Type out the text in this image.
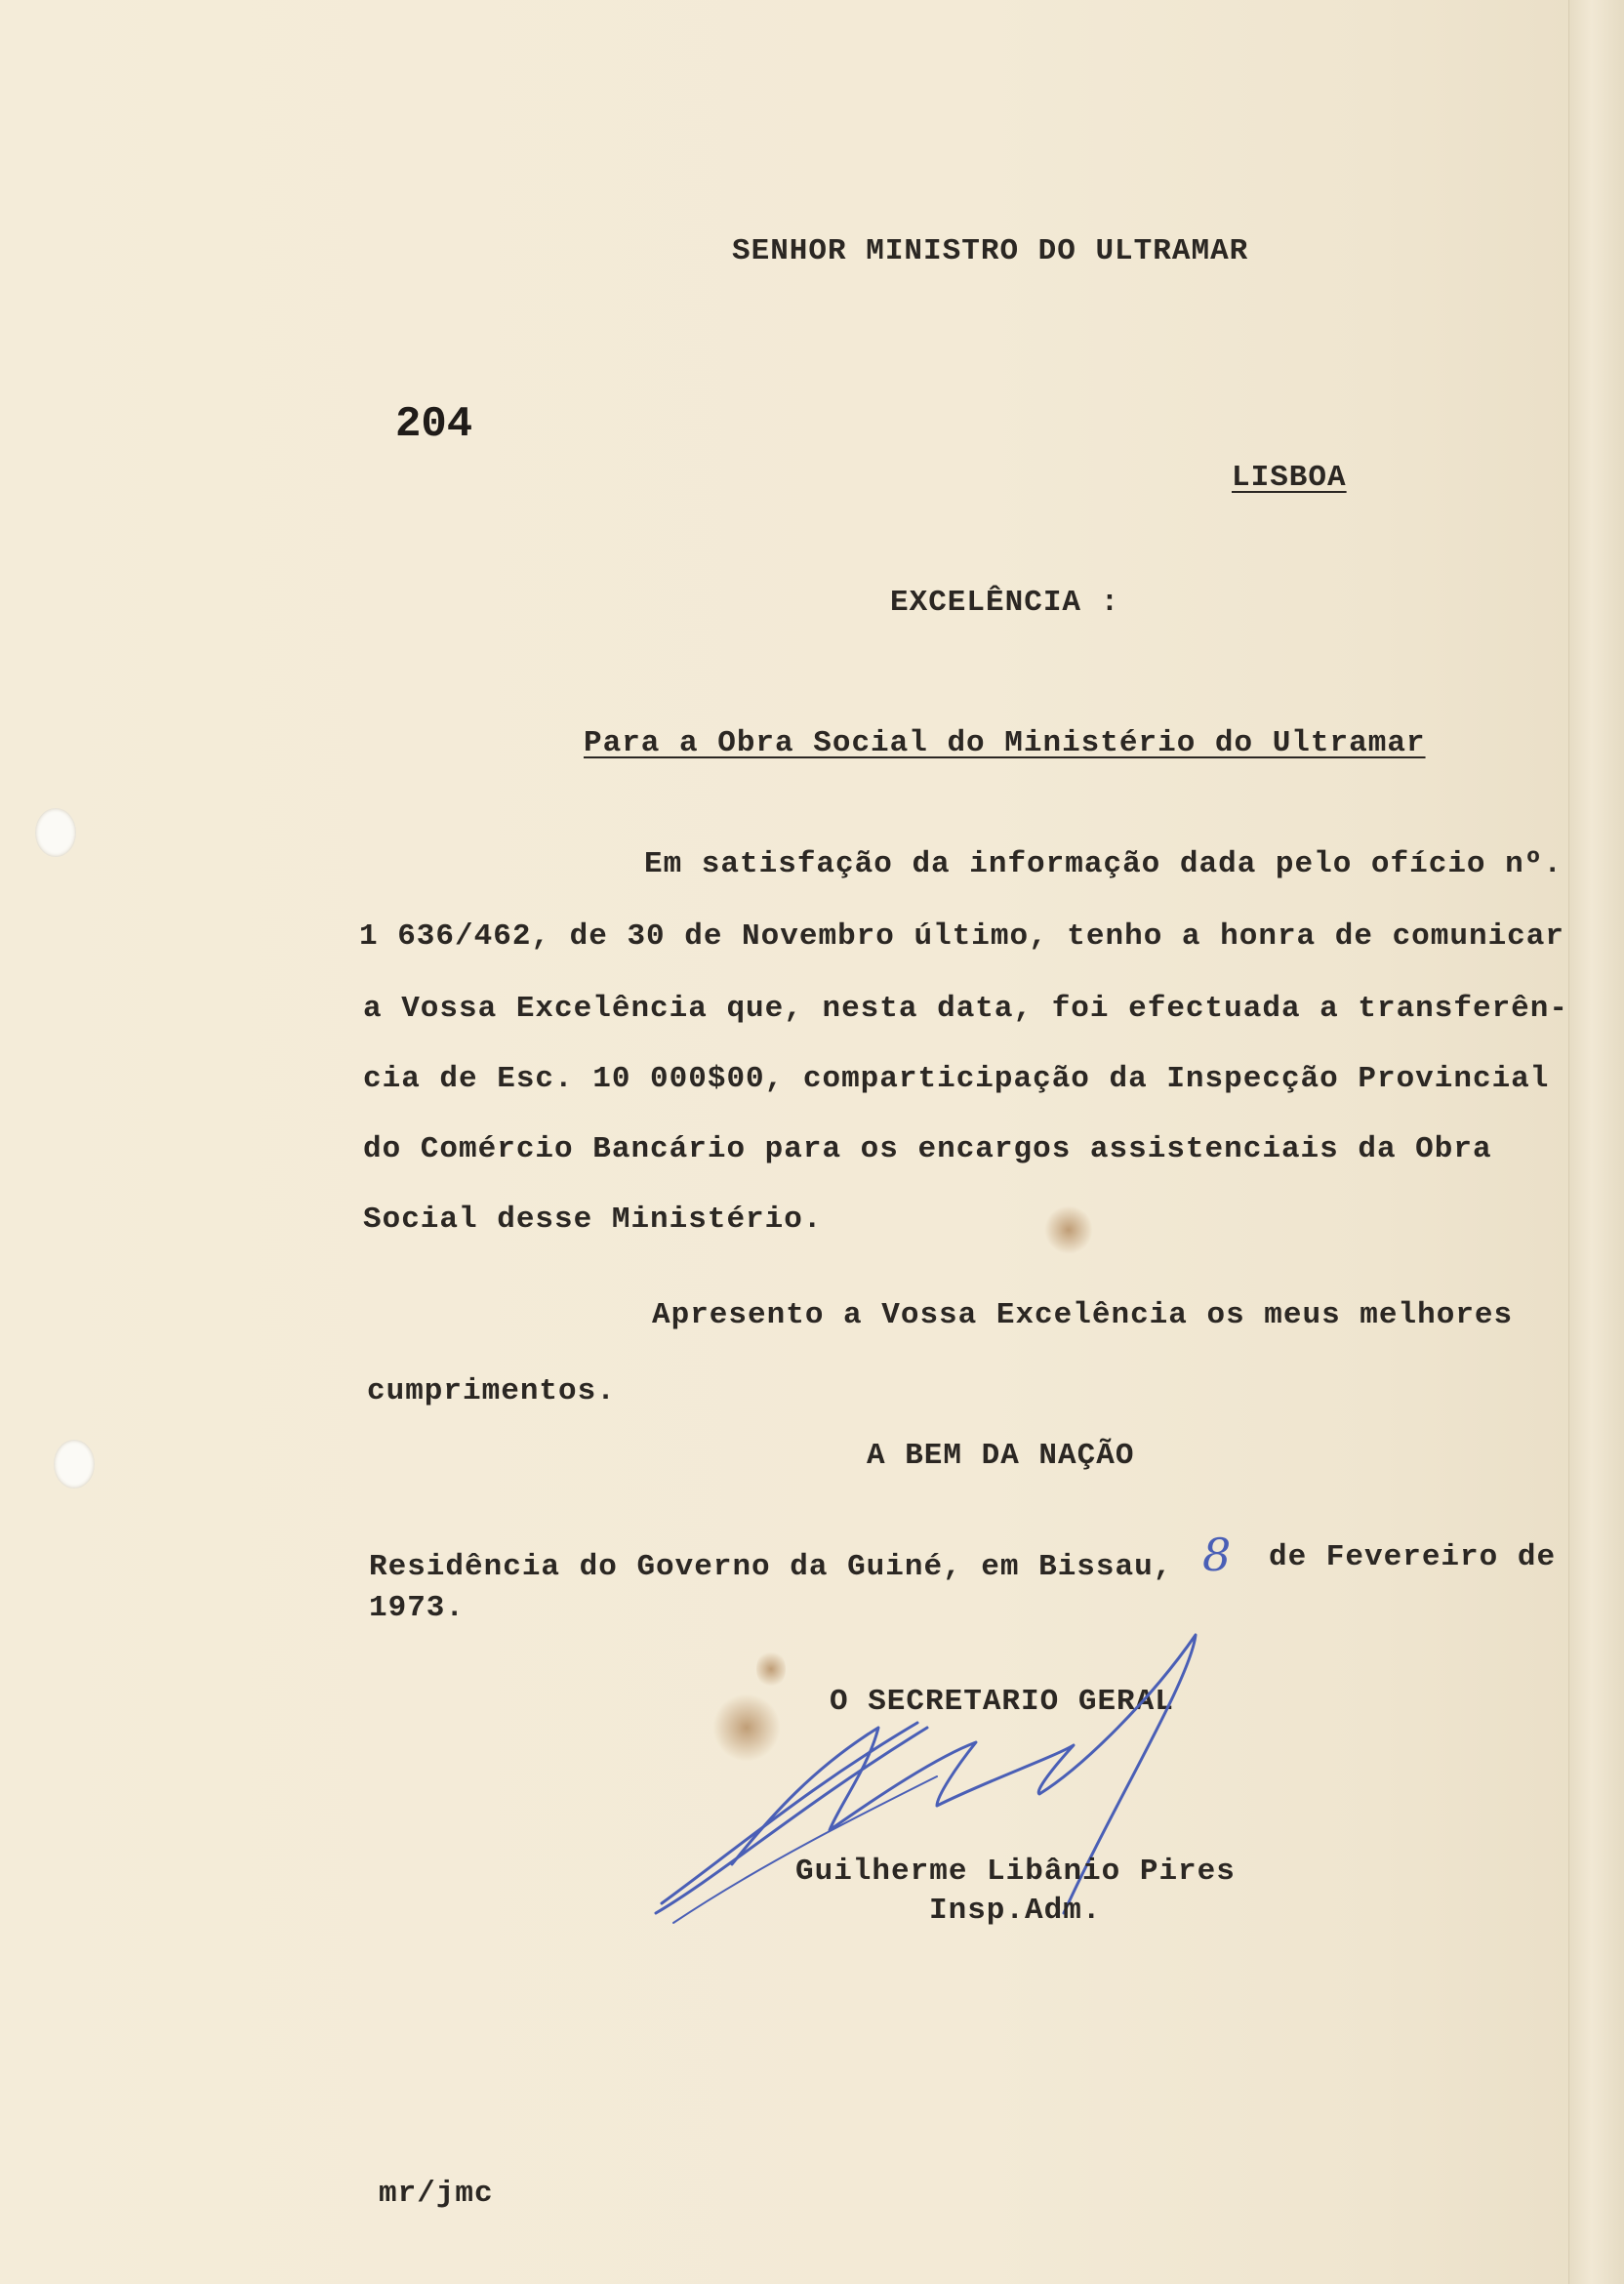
SENHOR MINISTRO DO ULTRAMAR
204
LISBOA
EXCELÊNCIA :
Para a Obra Social do Ministério do Ultramar
Em satisfação da informação dada pelo ofício nº.
1 636/462, de 30 de Novembro último, tenho a honra de comunicar
a Vossa Excelência que, nesta data, foi efectuada a transferên-
cia de Esc. 10 000$00, comparticipação da Inspecção Provincial
do Comércio Bancário para os encargos assistenciais da Obra
Social desse Ministério.
Apresento a Vossa Excelência os meus melhores
cumprimentos.
A BEM DA NAÇÃO
Residência do Governo da Guiné, em Bissau, 8 de Fevereiro de
1973.
O SECRETARIO GERAL
Guilherme Libânio Pires
Insp.Adm.
mr/jmc
